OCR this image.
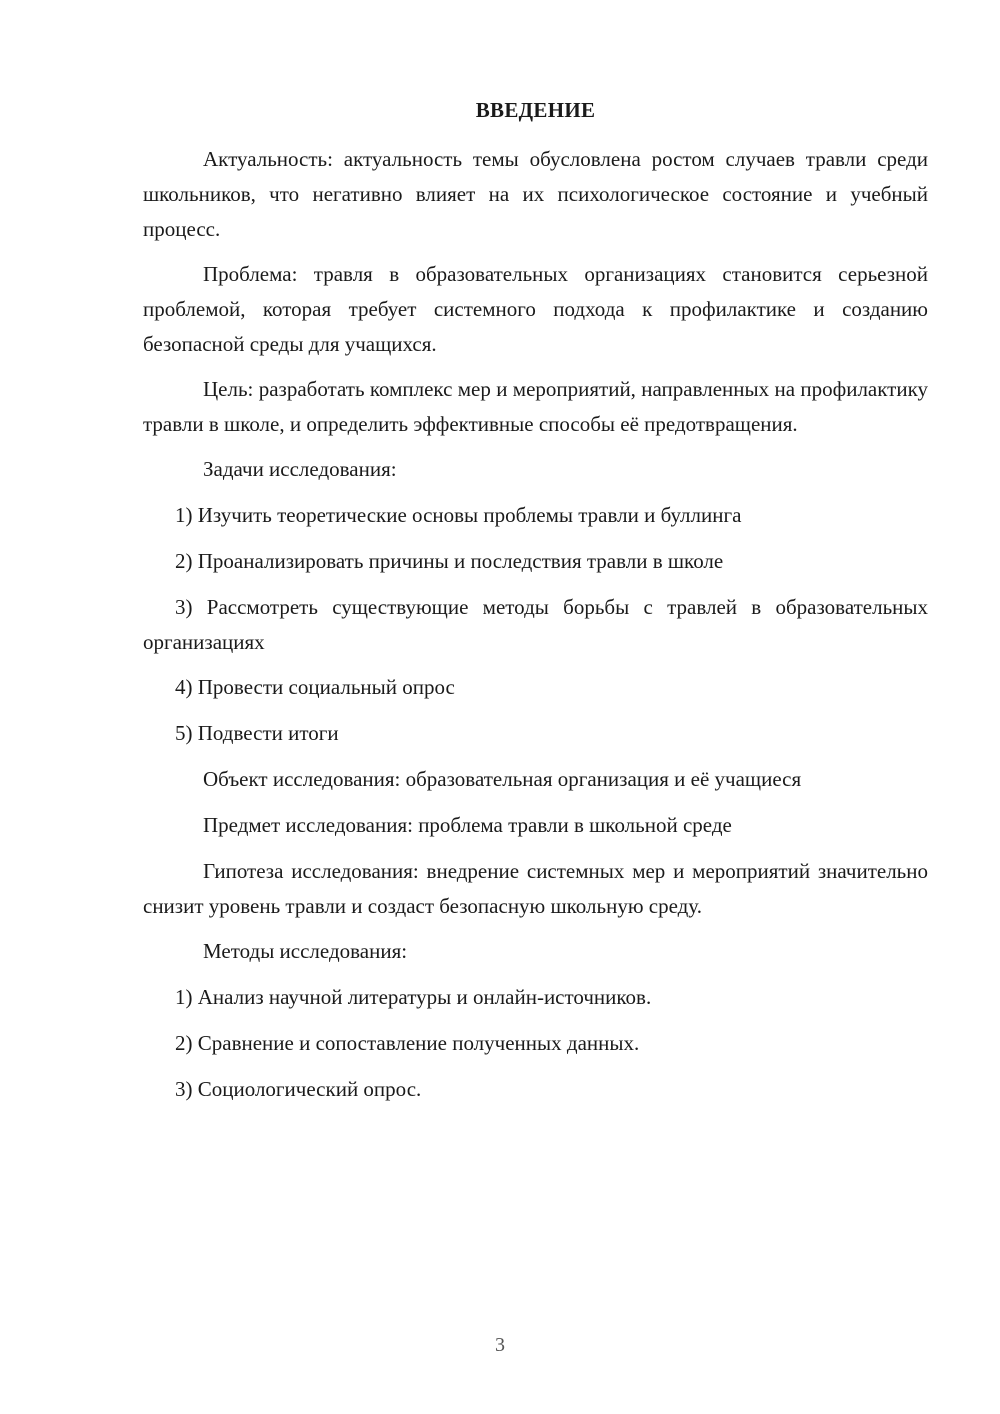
ВВЕДЕНИЕ

Актуальность: актуальность темы обусловлена ростом случаев травли среди школьников, что негативно влияет на их психологическое состояние и учебный процесс.

Проблема: травля в образовательных организациях становится серьезной проблемой, которая требует системного подхода к профилактике и созданию безопасной среды для учащихся.

Цель: разработать комплекс мер и мероприятий, направленных на профилактику травли в школе, и определить эффективные способы её предотвращения.

Задачи исследования:

1) Изучить теоретические основы проблемы травли и буллинга

2) Проанализировать причины и последствия травли в школе

3) Рассмотреть существующие методы борьбы с травлей в образовательных организациях

4) Провести социальный опрос

5) Подвести итоги

Объект исследования: образовательная организация и её учащиеся

Предмет исследования: проблема травли в школьной среде

Гипотеза исследования: внедрение системных мер и мероприятий значительно снизит уровень травли и создаст безопасную школьную среду.

Методы исследования:

1) Анализ научной литературы и онлайн-источников.

2) Сравнение и сопоставление полученных данных.

3) Социологический опрос.

3
